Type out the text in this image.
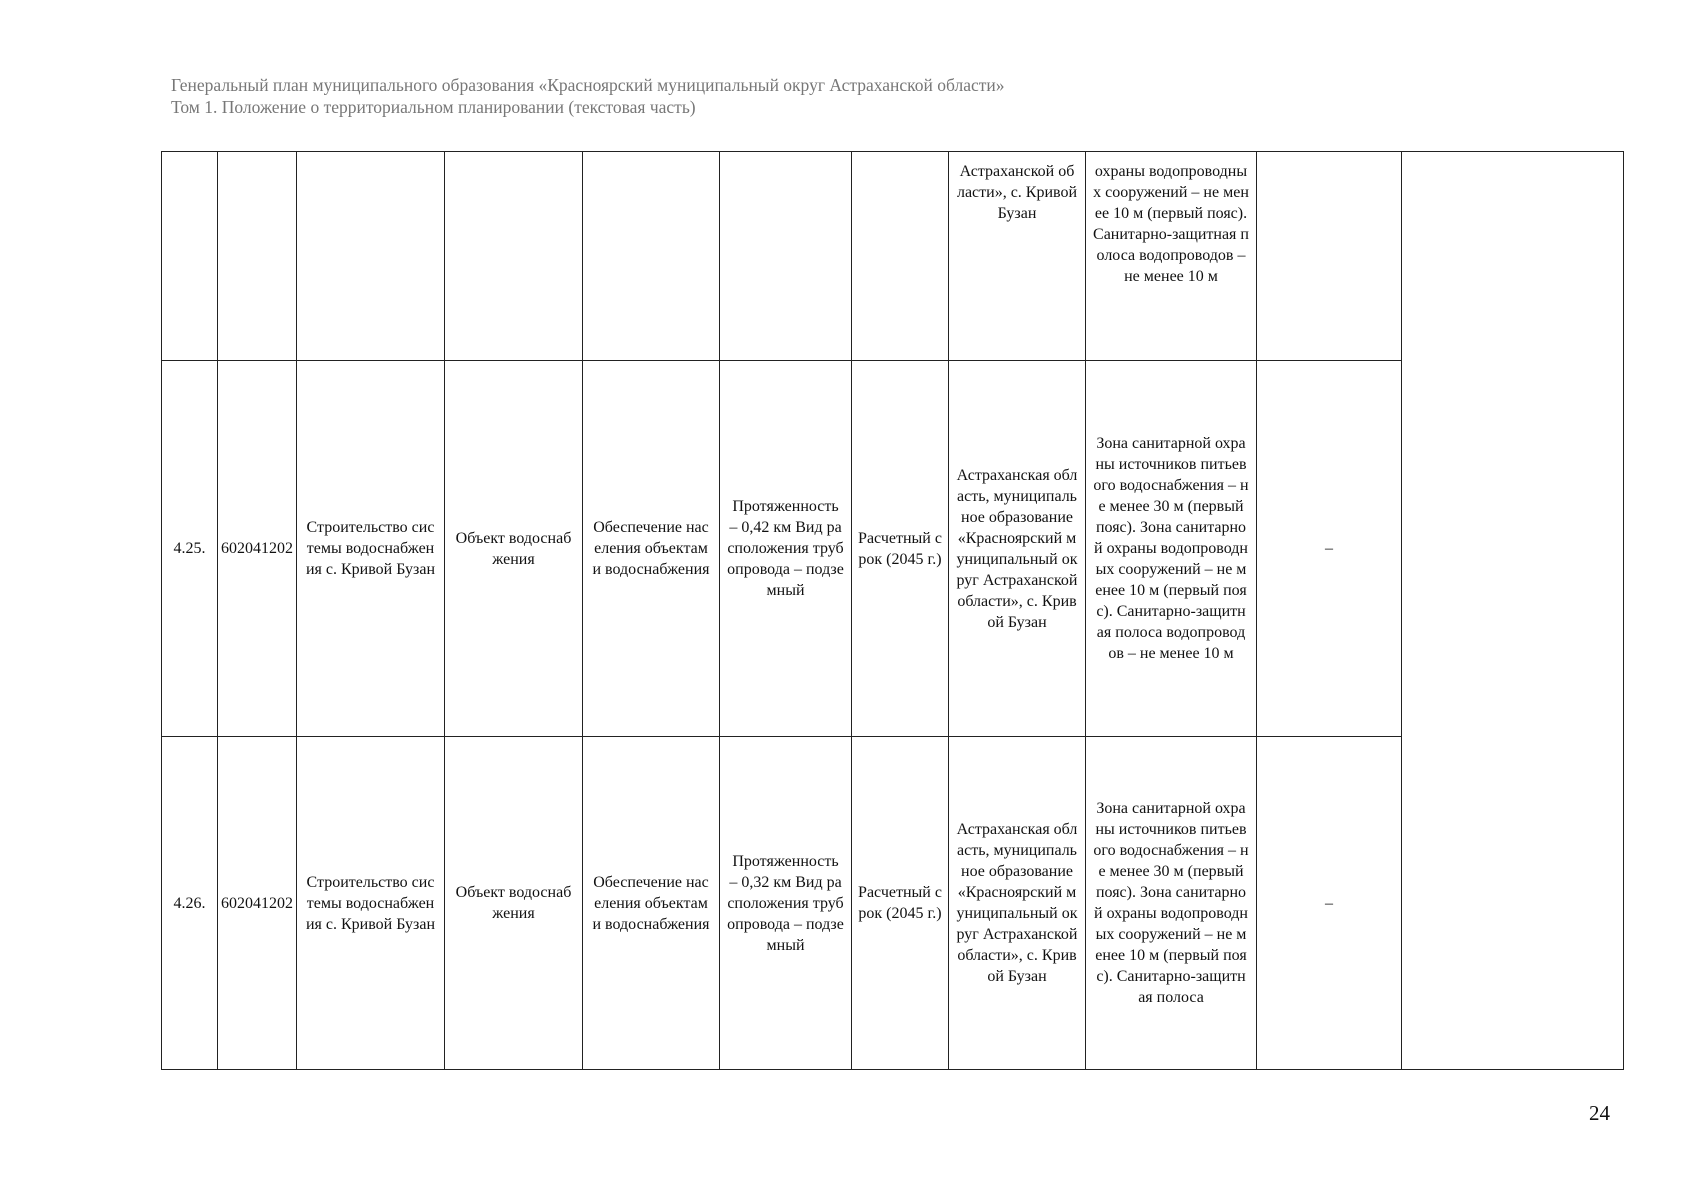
Генеральный план муниципального образования «Красноярский муниципальный округ Астраханской области»
Том 1. Положение о территориальном планировании (текстовая часть)
							Астраханской области», с. Кривой Бузан	охраны водопроводных сооружений – не менее 10 м (первый пояс). Санитарно-защитная полоса водопроводов – не менее 10 м		
4.25.	602041202	Строительство системы водоснабжения с. Кривой Бузан	Объект водоснабжения	Обеспечение населения объектами водоснабжения	Протяженность – 0,42 км Вид расположения трубопровода – подземный	Расчетный срок (2045 г.)	Астраханская область, муниципальное образование «Красноярский муниципальный округ Астраханской области», с. Кривой Бузан	Зона санитарной охраны источников питьевого водоснабжения – не менее 30 м (первый пояс). Зона санитарной охраны водопроводных сооружений – не менее 10 м (первый пояс). Санитарно-защитная полоса водопроводов – не менее 10 м	–	
4.26.	602041202	Строительство системы водоснабжения с. Кривой Бузан	Объект водоснабжения	Обеспечение населения объектами водоснабжения	Протяженность – 0,32 км Вид расположения трубопровода – подземный	Расчетный срок (2045 г.)	Астраханская область, муниципальное образование «Красноярский муниципальный округ Астраханской области», с. Кривой Бузан	Зона санитарной охраны источников питьевого водоснабжения – не менее 30 м (первый пояс). Зона санитарной охраны водопроводных сооружений – не менее 10 м (первый пояс). Санитарно-защитная полоса	–	
24
